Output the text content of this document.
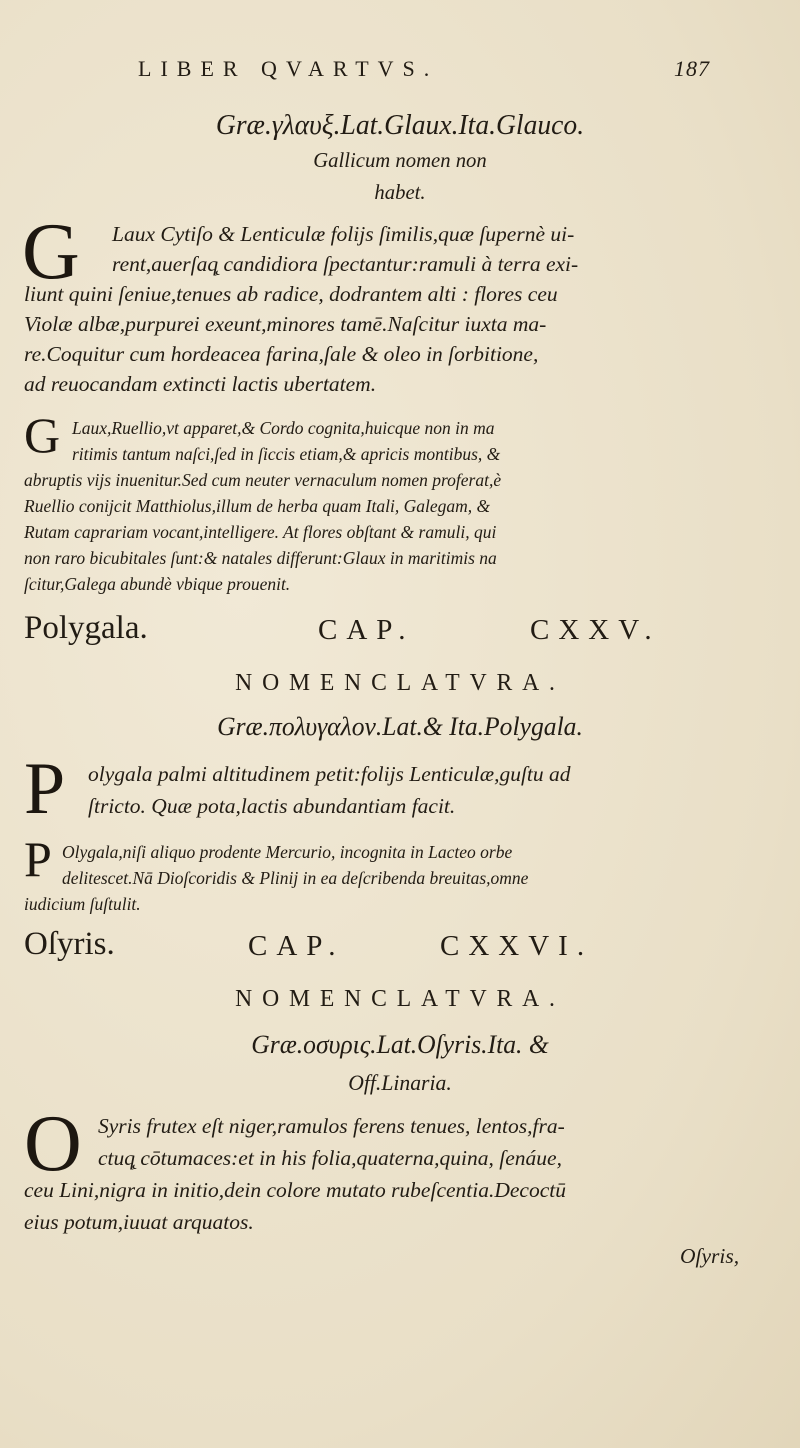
LIBER QVARTVS.	187
Græ.γλαυξ.Lat.Glaux.Ita.Glauco.
Gallicum nomen non
habet.
G Laux Cytiſo & Lenticulæ folijs ſimilis,quæ ſupernè ui-
rent,auerſaq̨ candidiora ſpectantur:ramuli à terra exi-
liunt quini ſeniue,tenues ab radice, dodrantem alti : flores ceu
Violæ albæ,purpurei exeunt,minores tamē.Naſcitur iuxta ma-
re.Coquitur cum hordeacea farina,ſale & oleo in ſorbitione,
ad reuocandam extincti lactis ubertatem.
G Laux,Ruellio,vt apparet,& Cordo cognita,huicque non in ma
ritimis tantum naſci,ſed in ſiccis etiam,& apricis montibus, &
abruptis vijs inuenitur.Sed cum neuter vernaculum nomen proferat,è
Ruellio conijcit Matthiolus,illum de herba quam Itali, Galegam, &
Rutam caprariam vocant,intelligere. At flores obſtant & ramuli, qui
non raro bicubitales ſunt:& natales differunt:Glaux in maritimis na
ſcitur,Galega abundè vbique prouenit.
Polygala.	CAP.	CXXV.
NOMENCLATVRA.
Græ.πολυγαλον.Lat.& Ita.Polygala.
P olygala palmi altitudinem petit:folijs Lenticulæ,guſtu ad
ſtricto. Quæ pota,lactis abundantiam facit.
P Olygala,niſi aliquo prodente Mercurio, incognita in Lacteo orbe
delitescet.Nā Dioſcoridis & Plinij in ea deſcribenda breuitas,omne
iudicium ſuſtulit.
Oſyris.	CAP.	CXXVI.
NOMENCLATVRA.
Græ.οσυρις.Lat.Oſyris.Ita. &
Off.Linaria.
O Syris frutex eſt niger,ramulos ferens tenues, lentos,fra-
ctuq̨ cōtumaces:et in his folia,quaterna,quina, ſenáue,
ceu Lini,nigra in initio,dein colore mutato rubeſcentia.Decoctū
eius potum,iuuat arquatos.
Oſyris,
